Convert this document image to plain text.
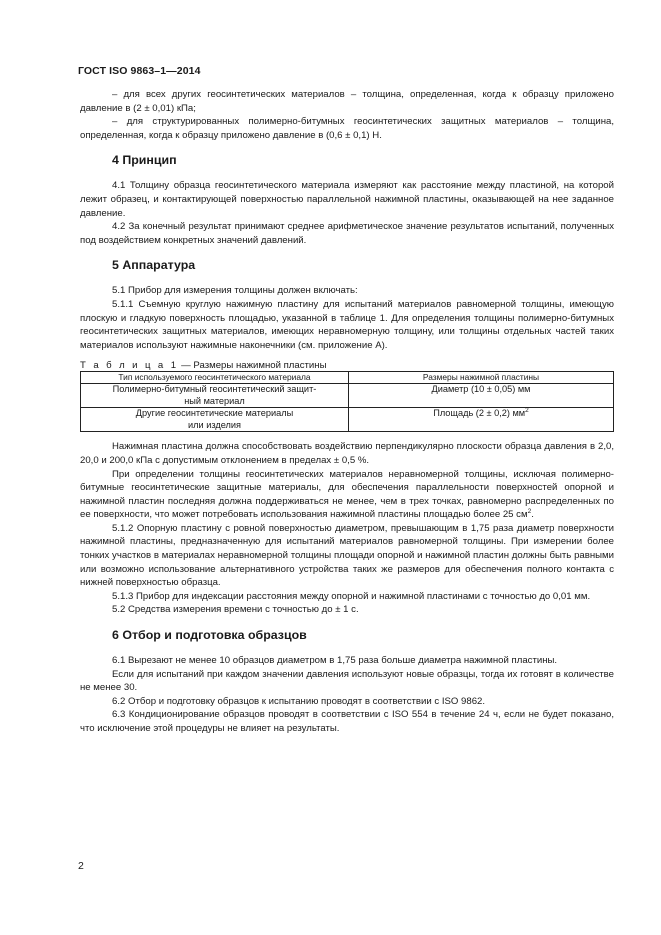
ГОСТ ISO 9863–1—2014

– для всех других геосинтетических материалов – толщина, определенная, когда к образцу приложено давление в (2 ± 0,01) кПа;

– для структурированных полимерно-битумных геосинтетических защитных материалов – толщина, определенная, когда к образцу приложено давление в (0,6 ± 0,1) Н.

4 Принцип

4.1 Толщину образца геосинтетического материала измеряют как расстояние между пластиной, на которой лежит образец, и контактирующей поверхностью параллельной нажимной пластины, оказывающей на нее заданное давление.

4.2 За конечный результат принимают среднее арифметическое значение результатов испытаний, полученных под воздействием конкретных значений давлений.

5 Аппаратура

5.1 Прибор для измерения толщины должен включать:

5.1.1 Съемную круглую нажимную пластину для испытаний материалов равномерной толщины, имеющую плоскую и гладкую поверхность площадью, указанной в таблице 1. Для определения толщины полимерно-битумных геосинтетических защитных материалов, имеющих неравномерную толщину, или толщины отдельных частей таких материалов используют нажимные наконечники (см. приложение А).

Т а б л и ц а 1 — Размеры нажимной пластины
Тип используемого геосинтетического материала	Размеры нажимной пластины
Полимерно-битумный геосинтетический защит-
ный материал	Диаметр (10 ± 0,05) мм
Другие геосинтетические материалы
или изделия	Площадь (2 ± 0,2) $мм^2$

Нажимная пластина должна способствовать воздействию перпендикулярно плоскости образца давления в 2,0, 20,0 и 200,0 кПа с допустимым отклонением в пределах ± 0,5 %.

При определении толщины геосинтетических материалов неравномерной толщины, исключая полимерно-битумные геосинтетические защитные материалы, для обеспечения параллельности поверхностей опорной и нажимной пластин последняя должна поддерживаться не менее, чем в трех точках, равномерно распределенных по ее поверхности, что может потребовать использования нажимной пластины площадью более 25 $см^2$.

5.1.2 Опорную пластину с ровной поверхностью диаметром, превышающим в 1,75 раза диаметр поверхности нажимной пластины, предназначенную для испытаний материалов равномерной толщины. При измерении более тонких участков в материалах неравномерной толщины площади опорной и нажимной пластин должны быть равными или возможно использование альтернативного устройства таких же размеров для обеспечения полного контакта с нижней поверхностью образца.

5.1.3 Прибор для индексации расстояния между опорной и нажимной пластинами с точностью до 0,01 мм.

5.2 Средства измерения времени с точностью до ± 1 с.

6 Отбор и подготовка образцов

6.1 Вырезают не менее 10 образцов диаметром в 1,75 раза больше диаметра нажимной пластины.

Если для испытаний при каждом значении давления используют новые образцы, тогда их готовят в количестве не менее 30.

6.2 Отбор и подготовку образцов к испытанию проводят в соответствии с ISO 9862.

6.3 Кондиционирование образцов проводят в соответствии с ISO 554 в течение 24 ч, если не будет показано, что исключение этой процедуры не влияет на результаты.

2
